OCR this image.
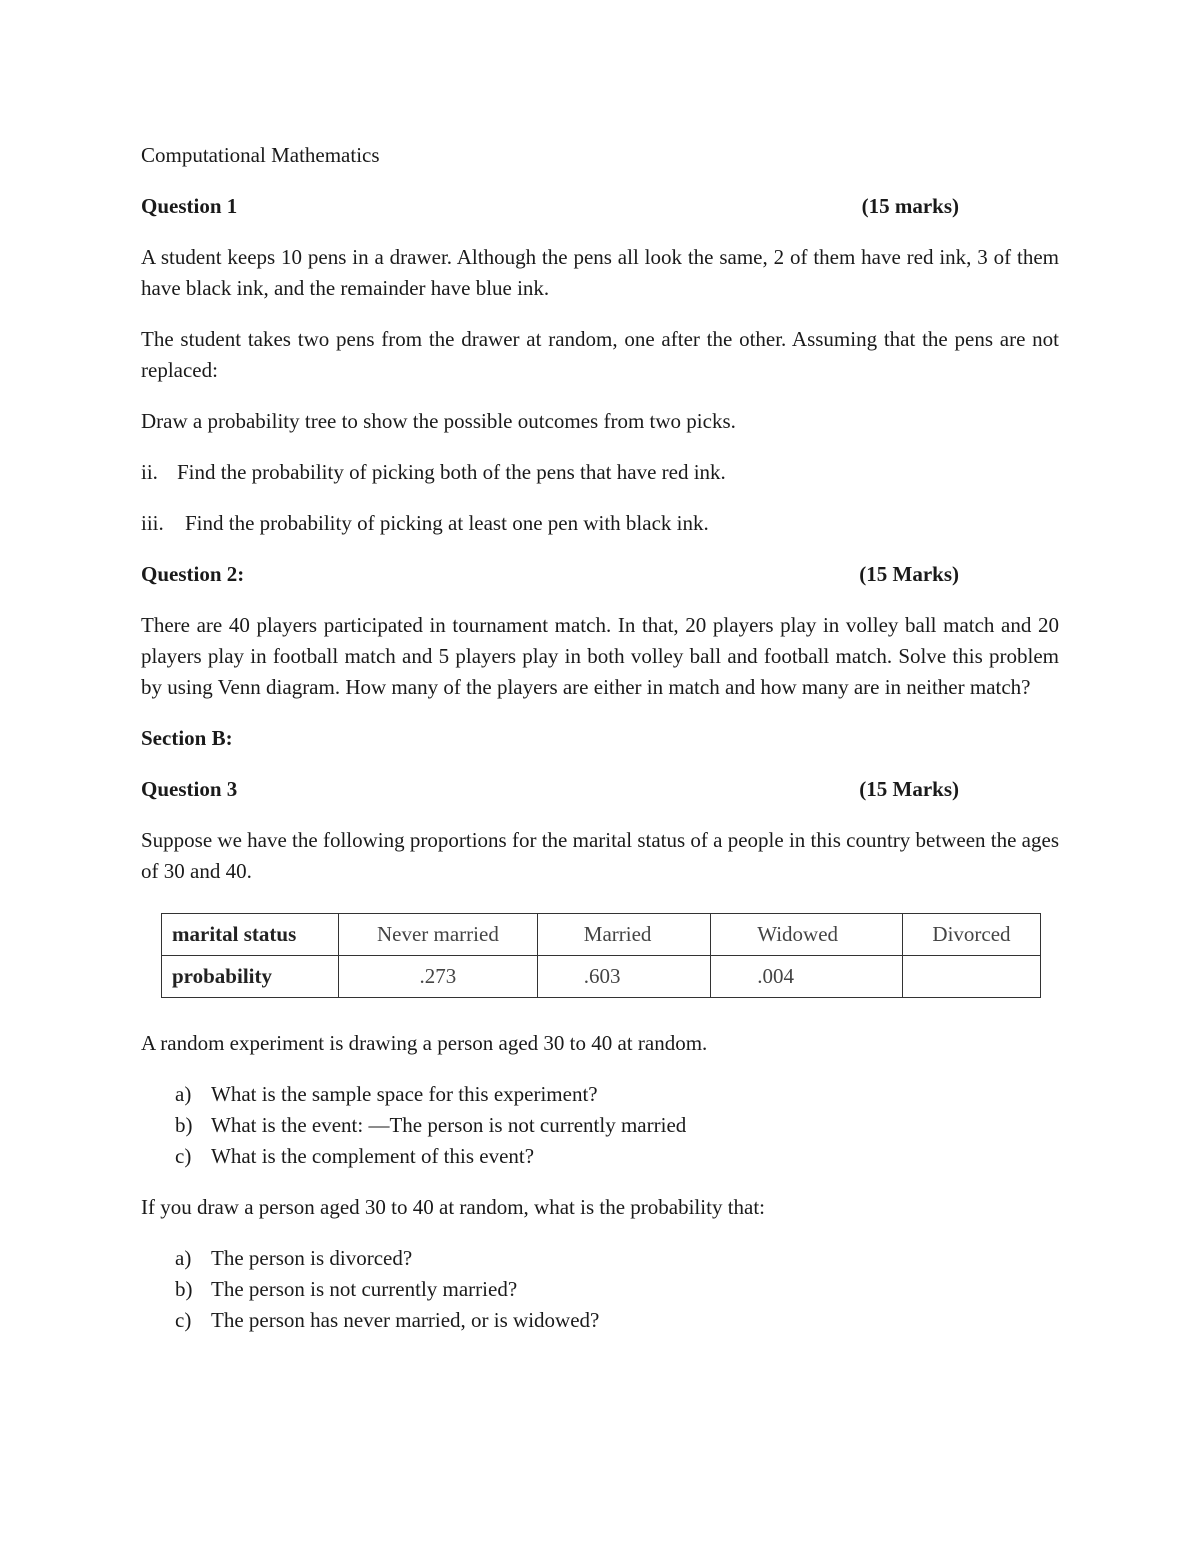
Computational Mathematics

Question 1	(15 marks)

A student keeps 10 pens in a drawer. Although the pens all look the same, 2 of them have red ink, 3 of them have black ink, and the remainder have blue ink.

The student takes two pens from the drawer at random, one after the other. Assuming that the pens are not replaced:

Draw a probability tree to show the possible outcomes from two picks.

ii. Find the probability of picking both of the pens that have red ink.
iii.	Find the probability of picking at least one pen with black ink.
Question 2:	(15 Marks)

There are 40 players participated in tournament match. In that, 20 players play in volley ball match and 20 players play in football match and 5 players play in both volley ball and football match. Solve this problem by using Venn diagram. How many of the players are either in match and how many are in neither match?

Section B:

Question 3	(15 Marks)

Suppose we have the following proportions for the marital status of a people in this country between the ages of 30 and 40.

marital status	Never married	Married	Widowed	Divorced
probability	.273	.603	.004	

A random experiment is drawing a person aged 30 to 40 at random.

a) What is the sample space for this experiment?
b) What is the event: —The person is not currently married
c) What is the complement of this event?

If you draw a person aged 30 to 40 at random, what is the probability that:

a) The person is divorced?
b) The person is not currently married?
c) The person has never married, or is widowed?
